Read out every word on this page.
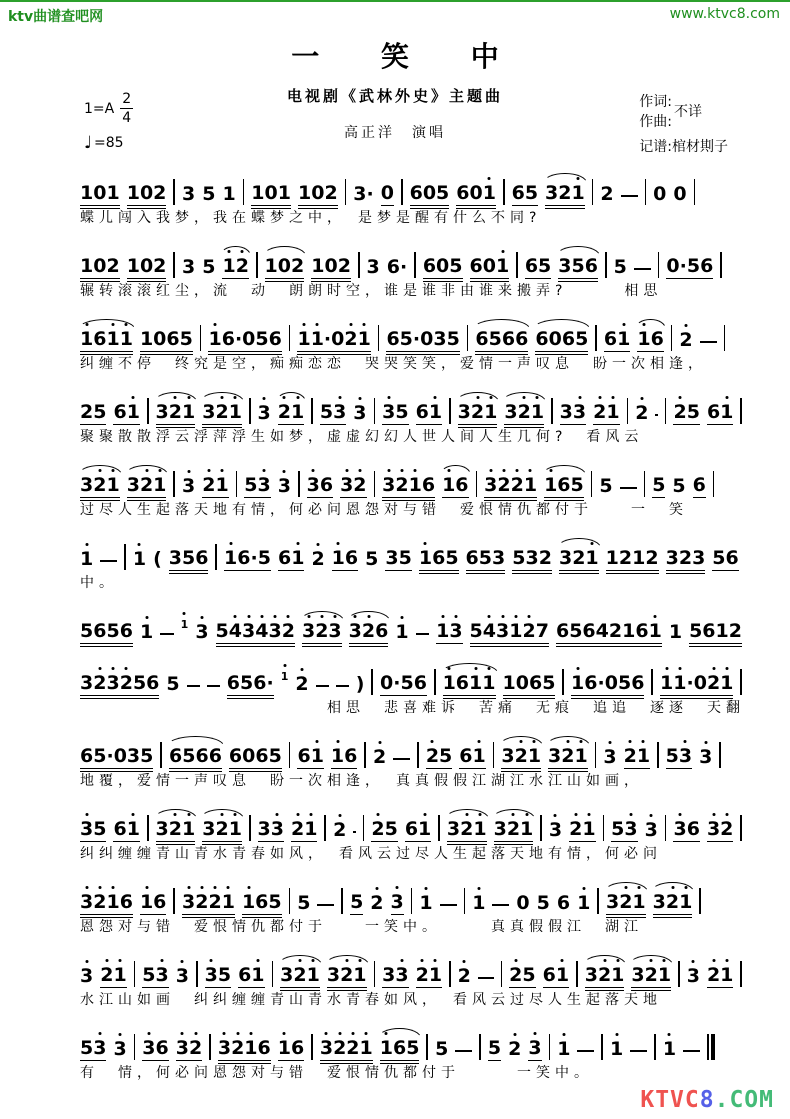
ktv曲谱查吧网	www.ktvc8.com
一 笑 中
电视剧《武林外史》主题曲
高正洋　演唱
$1=A \frac{2}{4}$
♩ =85
作词:
作曲:
不详
记谱:棺材剘子
1 0 1 1 0 2 3 5 1 1 0 1 1 0 2 3 · 0 6 0 5 6 0 1 6 5 3 2 1 2 0 0
蝶儿闯入我梦，我在蝶梦之中，　是梦是醒有什么不同?
1 0 2 1 0 2 3 5 1 2 1 0 2 1 0 2 3 6 · 6 0 5 6 0 1 6 5 3 5 6 5 0 · 5 6
辗转滚滚红尘，流　动　朗朗时空，谁是谁非由谁来搬弄?　　　相思
1 6 1 1 1 0 6 5 1 6 · 0 5 6 1 1 · 0 2 1 6 5 · 0 3 5 6 5 6 6 6 0 6 5 6 1 1 6 2
纠缠不停　终究是空，痴痴恋恋　哭哭笑笑，爱情一声叹息　盼一次相逢，
2 5 6 1 3 2 1 3 2 1 3 2 1 5 3 3 3 5 6 1 3 2 1 3 2 1 3 3 2 1 2 2 5 6 1
聚聚散散浮云浮萍浮生如梦，虚虚幻幻人世人间人生几何?　看风云
3 2 1 3 2 1 3 2 1 5 3 3 3 6 3 2 3 2 1 6 1 6 3 2 2 1 1 6 5 5 5 5 6
过尽人生起落天地有情，何必问恩怨对与错　爱恨情仇都付于　　一　笑
1 1 ( 3 5 6 1 6 · 5 6 1 2 1 6 5 3 5 1 6 5 6 5 3 5 3 2 3 2 1 1 2 1 2 3 2 3 5 6
中。
5 6 5 6 1 1 3 5 4 3 4 3 2 3 2 3 3 2 6 1 1 3 5 4 3 1 2 7 6 5 6 4 2 1 6 1 1 5 6 1 2
3 2 3 2 5 6 5 6 5 6 · 1 2 ) 0 · 5 6 1 6 1 1 1 0 6 5 1 6 · 0 5 6 1 1 · 0 2 1
　　　　　　　　　　　　　相思　悲喜难诉　苦痛　无痕　追追　逐逐　天翻
6 5 · 0 3 5 6 5 6 6 6 0 6 5 6 1 1 6 2 2 5 6 1 3 2 1 3 2 1 3 2 1 5 3 3
地覆，爱情一声叹息　盼一次相逢，　真真假假江湖江水江山如画，
3 5 6 1 3 2 1 3 2 1 3 3 2 1 2 2 5 6 1 3 2 1 3 2 1 3 2 1 5 3 3 3 6 3 2
纠纠缠缠青山青水青春如风，　看风云过尽人生起落天地有情，何必问
3 2 1 6 1 6 3 2 2 1 1 6 5 5 5 2 3 1 1 0 5 6 1 3 2 1 3 2 1
恩怨对与错　爱恨情仇都付于　　一笑中。　　　真真假假江　湖江
3 2 1 5 3 3 3 5 6 1 3 2 1 3 2 1 3 3 2 1 2 2 5 6 1 3 2 1 3 2 1 3 2 1
水江山如画　纠纠缠缠青山青水青春如风，　看风云过尽人生起落天地
5 3 3 3 6 3 2 3 2 1 6 1 6 3 2 2 1 1 6 5 5 5 2 3 1 1 1
有　情，何必问恩怨对与错　爱恨情仇都付于　　　一笑中。
KTVC8.COM
